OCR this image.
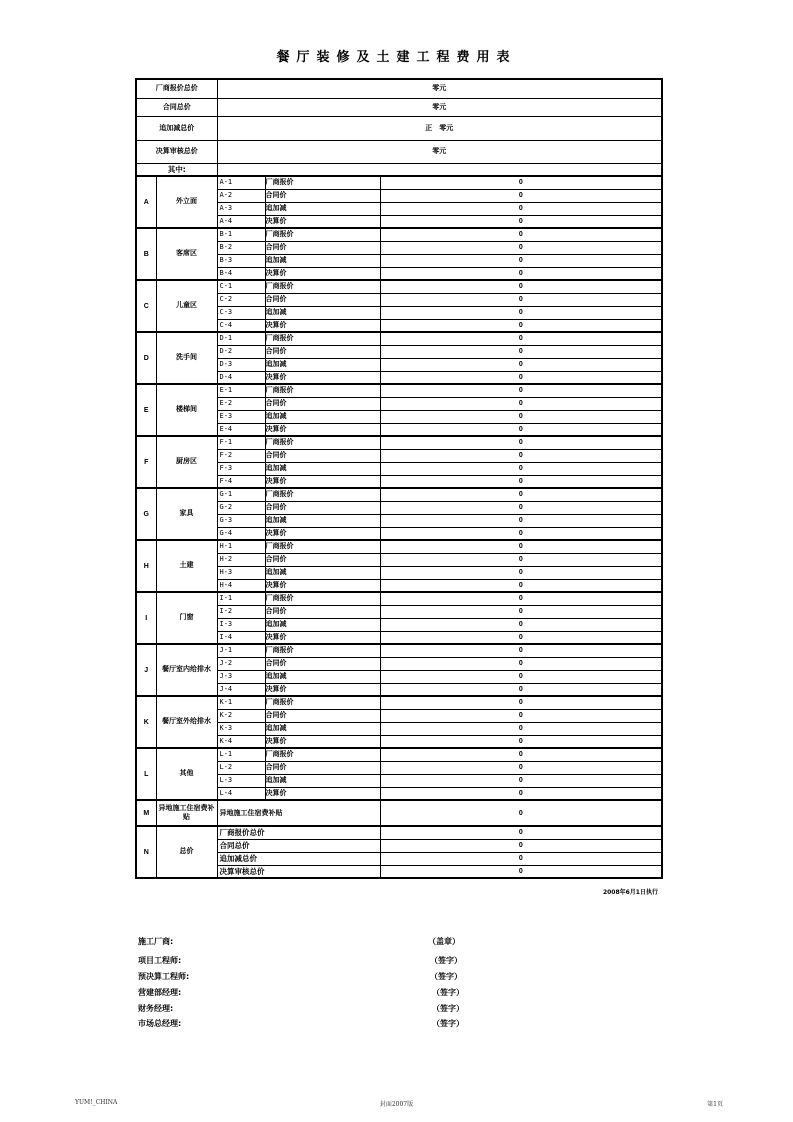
餐厅装修及土建工程费用表
厂商报价总价		零元		
合同总价		零元		
追加减总价		正　零元		
决算审核总价		零元		
其中:				
A	外立面	A-1	厂商报价	0
		A-2	合同价	0
		A-3	追加减	0
		A-4	决算价	0
B	客席区	B-1	厂商报价	0
		B-2	合同价	0
		B-3	追加减	0
		B-4	决算价	0
C	儿童区	C-1	厂商报价	0
		C-2	合同价	0
		C-3	追加减	0
		C-4	决算价	0
D	洗手间	D-1	厂商报价	0
		D-2	合同价	0
		D-3	追加减	0
		D-4	决算价	0
E	楼梯间	E-1	厂商报价	0
		E-2	合同价	0
		E-3	追加减	0
		E-4	决算价	0
F	厨房区	F-1	厂商报价	0
		F-2	合同价	0
		F-3	追加减	0
		F-4	决算价	0
G	家具	G-1	厂商报价	0
		G-2	合同价	0
		G-3	追加减	0
		G-4	决算价	0
H	土建	H-1	厂商报价	0
		H-2	合同价	0
		H-3	追加减	0
		H-4	决算价	0
I	门窗	I-1	厂商报价	0
		I-2	合同价	0
		I-3	追加减	0
		I-4	决算价	0
J	餐厅室内给排水	J-1	厂商报价	0
		J-2	合同价	0
		J-3	追加减	0
		J-4	决算价	0
K	餐厅室外给排水	K-1	厂商报价	0
		K-2	合同价	0
		K-3	追加减	0
		K-4	决算价	0
L	其他	L-1	厂商报价	0
		L-2	合同价	0
		L-3	追加减	0
		L-4	决算价	0
M	异地施工住宿费补贴	异地施工住宿费补贴		0
N	总价	厂商报价总价		0
		合同总价		0
		追加减总价		0
		决算审核总价		0
2008年6月1日执行
施工厂商:	（盖章）
项目工程师:	（签字）
预决算工程师:	（签字）
营建部经理:	（签字）
财务经理:	（签字）
市场总经理:	（签字）
YUM!_CHINA	封面2007版	第1页
